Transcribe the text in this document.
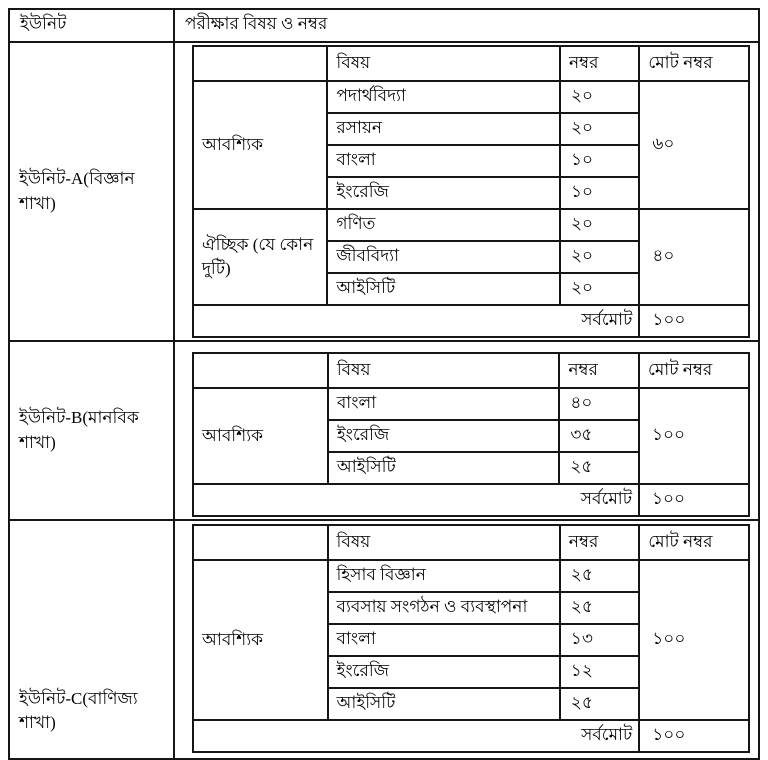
ইউনিট	পরীক্ষার বিষয় ও নম্বর
ইউনিট-A(বিজ্ঞান শাখা)	
	বিষয়	নম্বর	মোট নম্বর
আবশ্যিক	পদার্থবিদ্যা	২০	৬০
রসায়ন	২০
বাংলা	১০
ইংরেজি	১০
ঐচ্ছিক (যে কোন দুটি)	গণিত	২০	৪০
জীববিদ্যা	২০
আইসিটি	২০
সর্বমোট	১০০

ইউনিট-B(মানবিক শাখা)	
	বিষয়	নম্বর	মোট নম্বর
আবশ্যিক	বাংলা	৪০	১০০
ইংরেজি	৩৫
আইসিটি	২৫
সর্বমোট	১০০

ইউনিট-C(বাণিজ্য শাখা)	
	বিষয়	নম্বর	মোট নম্বর
আবশ্যিক	হিসাব বিজ্ঞান	২৫	১০০
ব্যবসায় সংগঠন ও ব্যবস্থাপনা	২৫
বাংলা	১৩
ইংরেজি	১২
আইসিটি	২৫
সর্বমোট	১০০
